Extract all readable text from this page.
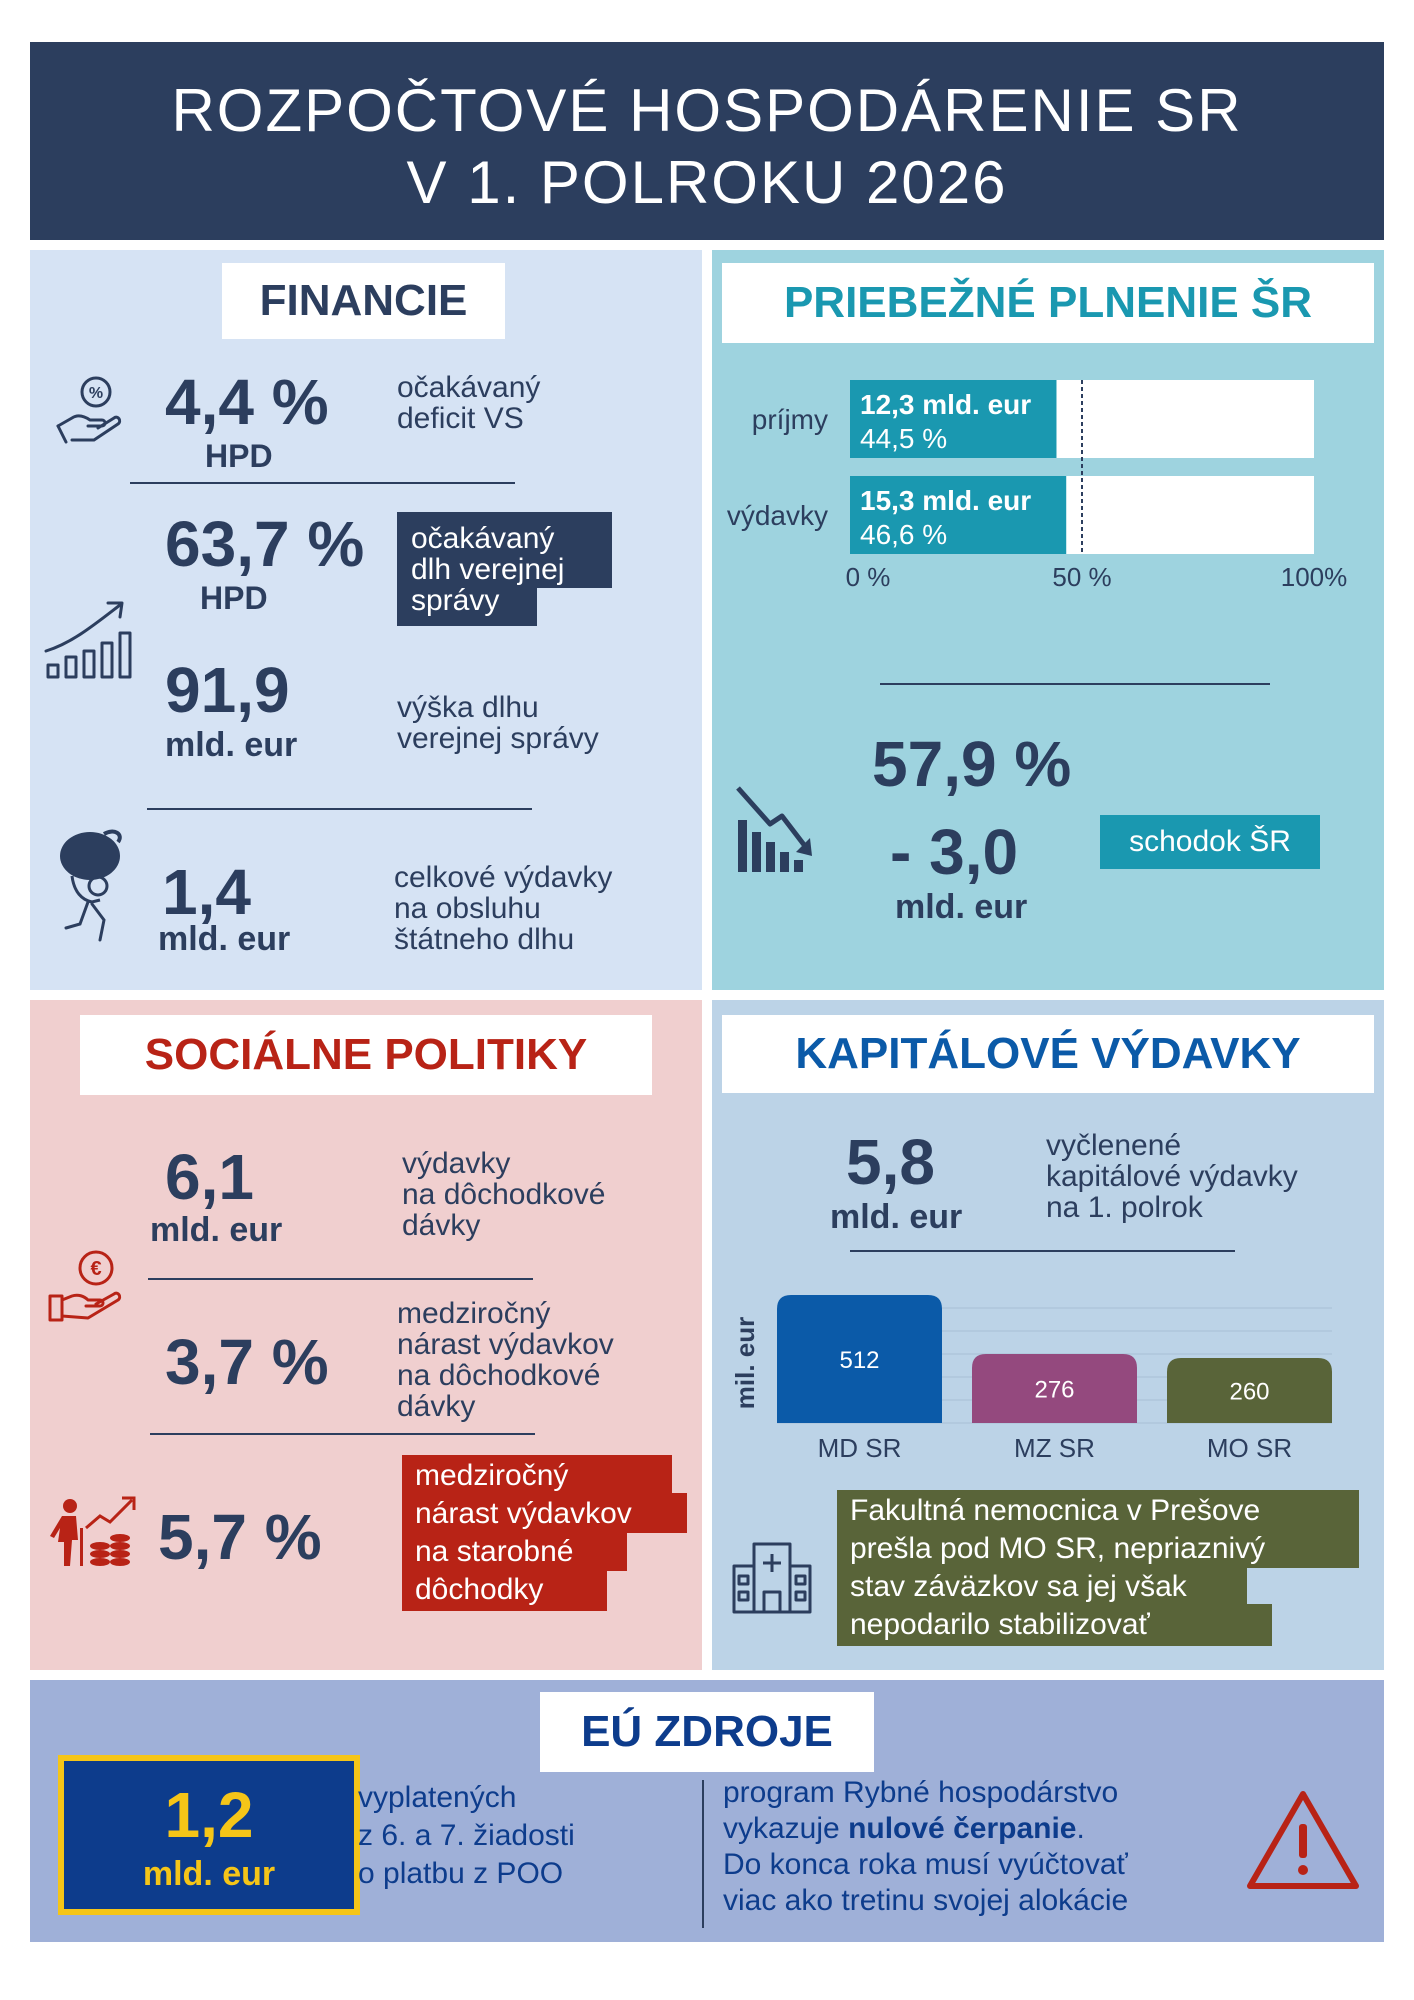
ROZPOČTOVÉ HOSPODÁRENIE SR
V 1. POLROKU 2026
FINANCIE
% 4,4 %
HPD
očakávaný
deficit VS
63,7 %
HPD
očakávaný
dlh verejnej
správy
91,9
mld. eur
výška dlhu
verejnej správy
1,4
mld. eur
celkové výdavky
na obsluhu
štátneho dlhu
PRIEBEŽNÉ PLNENIE ŠR
príjmy 12,3 mld. eur
44,5 %
výdavky 15,3 mld. eur
46,6 %
0 %	50 %	100%
57,9 %
- 3,0
mld. eur
schodok ŠR
SOCIÁLNE POLITIKY
6,1
mld. eur
výdavky
na dôchodkové
dávky
€
3,7 %
medziročný
nárast výdavkov
na dôchodkové
dávky
5,7 %
medziročný
nárast výdavkov
na starobné
dôchodky
KAPITÁLOVÉ VÝDAVKY
5,8
mld. eur
vyčlenené
kapitálové výdavky
na 1. polrok
mil. eur	512
MD SR
276
MZ SR
260
MO SR
Fakultná nemocnica v Prešove
prešla pod MO SR, nepriaznivý
stav záväzkov sa jej však
nepodarilo stabilizovať
EÚ ZDROJE
1,2
mld. eur
vyplatených
z 6. a 7. žiadosti
o platbu z POO
program Rybné hospodárstvo
vykazuje nulové čerpanie.
Do konca roka musí vyúčtovať
viac ako tretinu svojej alokácie
